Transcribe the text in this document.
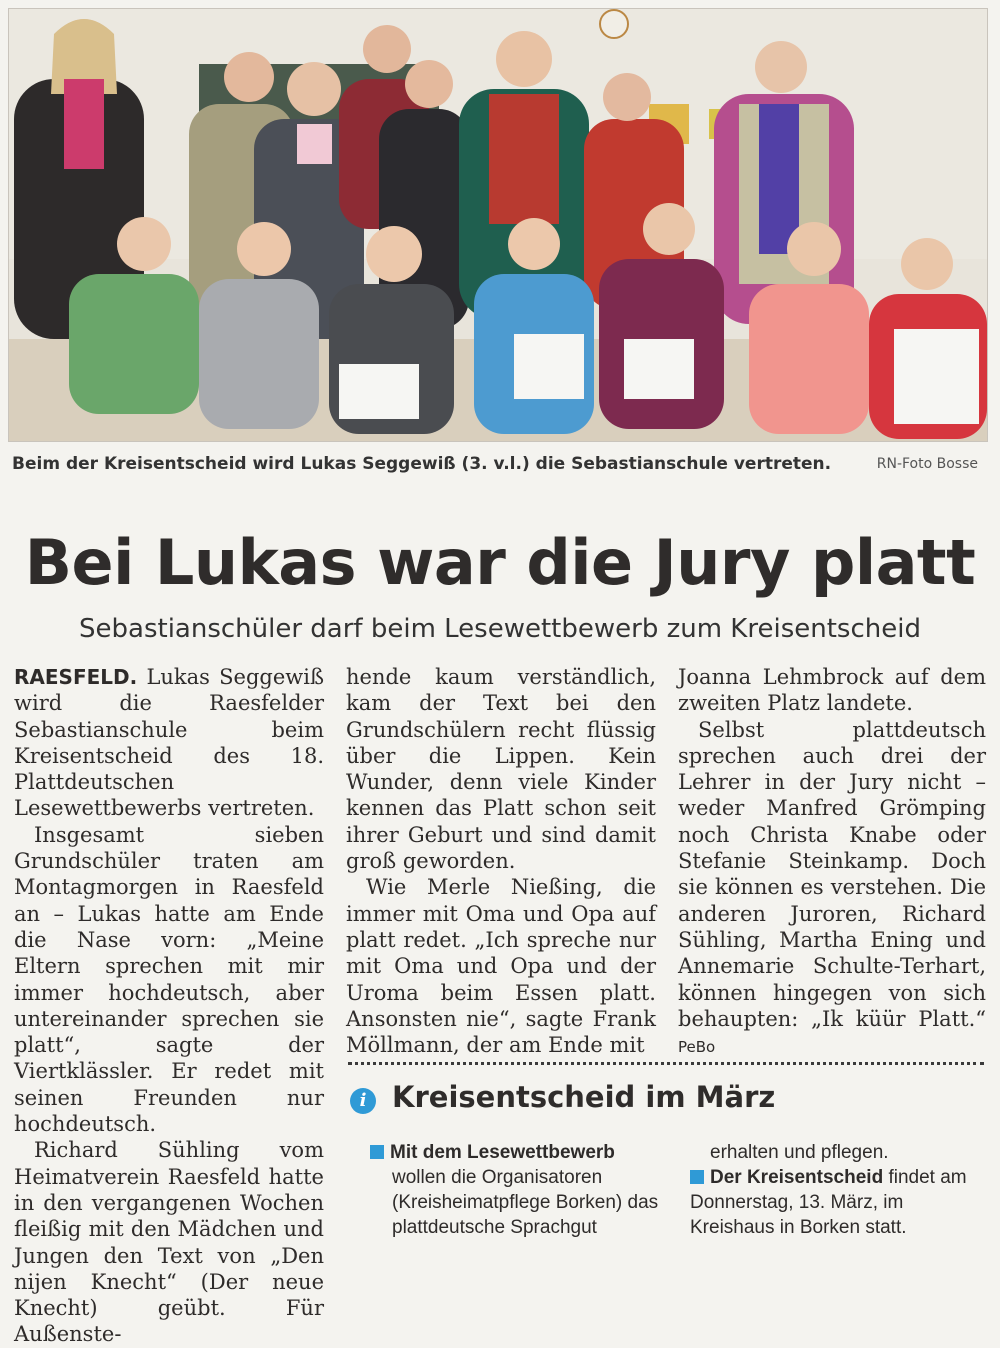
Beim der Kreisentscheid wird Lukas Seggewiß (3. v.l.) die Sebastianschule vertreten.	RN-Foto Bosse
Bei Lukas war die Jury platt
Sebastianschüler darf beim Lesewettbewerb zum Kreisentscheid

RAESFELD. Lukas Seggewiß wird die Raesfelder Sebastianschule beim Kreisentscheid des 18. Plattdeutschen Lesewettbewerbs vertreten.

Insgesamt sieben Grundschüler traten am Montagmorgen in Raesfeld an – Lukas hatte am Ende die Nase vorn: „Meine Eltern sprechen mit mir immer hochdeutsch, aber untereinander sprechen sie platt“, sagte der Viertklässler. Er redet mit seinen Freunden nur hochdeutsch.

Richard Sühling vom Heimatverein Raesfeld hatte in den vergangenen Wochen fleißig mit den Mädchen und Jungen den Text von „Den nijen Knecht“ (Der neue Knecht) geübt. Für Außenste-

hende kaum verständlich, kam der Text bei den Grundschülern recht flüssig über die Lippen. Kein Wunder, denn viele Kinder kennen das Platt schon seit ihrer Geburt und sind damit groß geworden.

Wie Merle Nießing, die immer mit Oma und Opa auf platt redet. „Ich spreche nur mit Oma und Opa und der Uroma beim Essen platt. Ansonsten nie“, sagte Frank Möllmann, der am Ende mit

Joanna Lehmbrock auf dem zweiten Platz landete.

Selbst plattdeutsch sprechen auch drei der Lehrer in der Jury nicht – weder Manfred Grömping noch Christa Knabe oder Stefanie Steinkamp. Doch sie können es verstehen. Die anderen Juroren, Richard Sühling, Martha Ening und Annemarie Schulte-Terhart, können hingegen von sich behaupten: „Ik küür Platt.“ PeBo

i Kreisentscheid im März
Mit dem Lesewettbewerb
wollen die Organisatoren (Kreisheimatpflege Borken) das plattdeutsche Sprachgut
erhalten und pflegen.
Der Kreisentscheid findet am Donnerstag, 13. März, im Kreishaus in Borken statt.
